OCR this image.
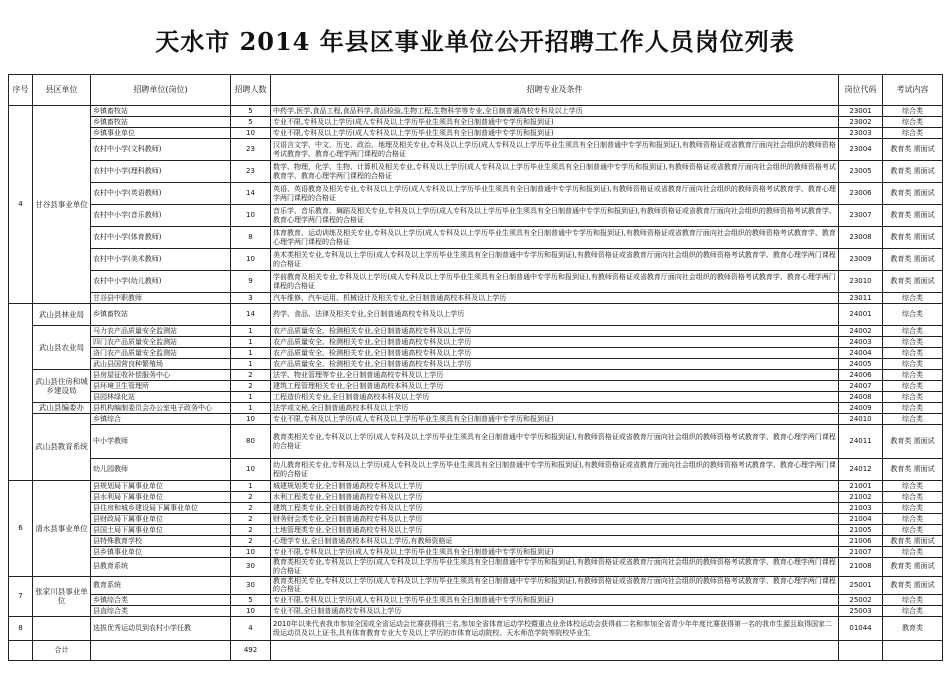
天水市 2014 年县区事业单位公开招聘工作人员岗位列表
序号	县区单位	招聘单位(岗位)	招聘人数	招聘专业及条件	岗位代码	考试内容
4	甘谷县事业单位	乡镇畜牧站	5	中药学,医学,食品工程,食品科学,食品检验,生物工程,生物科学等专业,全日制普通高校专科及以上学历	23001	综合类
		乡镇畜牧站	5	专业不限,专科及以上学历(成人专科及以上学历毕业生须具有全日制普通中专学历和报到证)	23002	综合类
		乡镇事业单位	10	专业不限,专科及以上学历(成人专科及以上学历毕业生须具有全日制普通中专学历和报到证)	23003	综合类
		农村中小学(文科教师)	23	汉语言文学、中文、历史、政治、地理及相关专业,专科及以上学历(成人专科及以上学历毕业生须具有全日制普通中专学历和报到证),有教师资格证或省教育厅面向社会组织的教师资格考试教育学、教育心理学两门课程的合格证	23004	教育类 需面试
		农村中小学(理科教师)	23	数学、物理、化学、生物、计算机及相关专业,专科及以上学历(成人专科及以上学历毕业生须具有全日制普通中专学历和报到证),有教师资格证或省教育厅面向社会组织的教师资格考试教育学、教育心理学两门课程的合格证	23005	教育类 需面试
		农村中小学(英语教师)	14	英语、英语教育及相关专业,专科及以上学历(成人专科及以上学历毕业生须具有全日制普通中专学历和报到证),有教师资格证或省教育厅面向社会组织的教师资格考试教育学、教育心理学两门课程的合格证	23006	教育类 需面试
		农村中小学(音乐教师)	10	音乐学、音乐教育、舞蹈及相关专业,专科及以上学历(成人专科及以上学历毕业生须具有全日制普通中专学历和报到证),有教师资格证或省教育厅面向社会组织的教师资格考试教育学、教育心理学两门课程的合格证	23007	教育类 需面试
		农村中小学(体育教师)	8	体育教育、运动训练及相关专业,专科及以上学历(成人专科及以上学历毕业生须具有全日制普通中专学历和报到证),有教师资格证或省教育厅面向社会组织的教师资格考试教育学、教育心理学两门课程的合格证	23008	教育类 需面试
		农村中小学(美术教师)	10	美术类相关专业,专科及以上学历(成人专科及以上学历毕业生须具有全日制普通中专学历和报到证),有教师资格证或省教育厅面向社会组织的教师资格考试教育学、教育心理学两门课程的合格证	23009	教育类 需面试
		农村中小学(幼儿教师)	9	学前教育及相关专业,专科及以上学历(成人专科及以上学历毕业生须具有全日制普通中专学历和报到证),有教师资格证或省教育厅面向社会组织的教师资格考试教育学、教育心理学两门课程的合格证	23010	教育类 需面试
		甘谷县中职教师	3	汽车维修、汽车运用、机械设计及相关专业,全日制普通高校本科及以上学历	23011	综合类
	武山县林业局	乡镇畜牧站	14	药学、食品、法律及相关专业,全日制普通高校专科及以上学历	24001	综合类
	武山县农业局	马力农产品质量安全监测站	1	农产品质量安全、检测相关专业,全日制普通高校专科及以上学历	24002	综合类
		四门农产品质量安全监测站	1	农产品质量安全、检测相关专业,全日制普通高校专科及以上学历	24003	综合类
		洛门农产品质量安全监测站	1	农产品质量安全、检测相关专业,全日制普通高校专科及以上学历	24004	综合类
		武山县国营良种繁殖场	1	农产品质量安全、检测相关专业,全日制普通高校专科及以上学历	24005	综合类
	武山县住房和城乡建设局	县房屋征收补偿服务中心	2	法学、物业管理等专业,全日制普通高校专科及以上学历	24006	综合类
		县环境卫生管理所	2	建筑工程管理相关专业,全日制普通高校本科及以上学历	24007	综合类
		县园林绿化站	1	工程造价相关专业,全日制普通高校本科及以上学历	24008	综合类
	武山县编委办	县机构编制委员会办公室电子政务中心	1	法学或文秘,全日制普通高校本科及以上学历	24009	综合类
	武山县教育系统	乡镇综合	10	专业不限,专科及以上学历(成人专科及以上学历毕业生须具有全日制普通中专学历和报到证)	24010	综合类
		中小学教师	80	教育类相关专业,专科及以上学历(成人专科及以上学历毕业生须具有全日制普通中专学历和报到证),有教师资格证或省教育厅面向社会组织的教师资格考试教育学、教育心理学两门课程的合格证	24011	教育类 需面试
		幼儿园教师	10	幼儿教育相关专业,专科及以上学历(成人专科及以上学历毕业生须具有全日制普通中专学历和报到证),有教师资格证或省教育厅面向社会组织的教师资格考试教育学、教育心理学两门课程的合格证	24012	教育类 需面试
6	清水县事业单位	县规划局下属事业单位	1	城建规划类专业,全日制普通高校专科及以上学历	21001	综合类
		县水利局下属事业单位	2	水利工程类专业,全日制普通高校专科及以上学历	21002	综合类
		县住房和城乡建设局下属事业单位	2	建筑工程类专业,全日制普通高校专科及以上学历	21003	综合类
		县财政局下属事业单位	2	财务财会类专业,全日制普通高校专科及以上学历	21004	综合类
		县国土局下属事业单位	2	土地管理类专业,全日制普通高校专科及以上学历	21005	综合类
		县特殊教育学校	2	心理学专业,全日制普通高校本科及以上学历,有教师资格证	21006	教育类 需面试
		县乡镇事业单位	10	专业不限,专科及以上学历(成人专科及以上学历毕业生须具有全日制普通中专学历和报到证)	21007	综合类
		县教育系统	30	教育类相关专业,专科及以上学历(成人专科及以上学历毕业生须具有全日制普通中专学历和报到证),有教师资格证或省教育厅面向社会组织的教师资格考试教育学、教育心理学两门课程的合格证	21008	教育类 需面试
7	张家川县事业单位	教育系统	30	教育类相关专业,专科及以上学历(成人专科及以上学历毕业生须具有全日制普通中专学历和报到证),有教师资格证或省教育厅面向社会组织的教师资格考试教育学、教育心理学两门课程的合格证	25001	教育类 需面试
		乡镇综合类	5	专业不限,专科及以上学历(成人专科及以上学历毕业生须具有全日制普通中专学历和报到证)	25002	综合类
		县直综合类	10	专业不限,全日制普通高校专科及以上学历	25003	综合类
8		选拔优秀运动员到农村小学任教	4	2010年以来代表我市参加全国或全省运动会比赛获得前三名,参加全省体育运动学校暨重点业余体校运动会获得前二名和参加全省青少年年度比赛获得第一名的我市生源且取得国家二级运动员及以上证书,具有体育教育专业大专及以上学历的市体育运动院校、天水师范学院等院校毕业生	01044	教育类
	合计		492			
